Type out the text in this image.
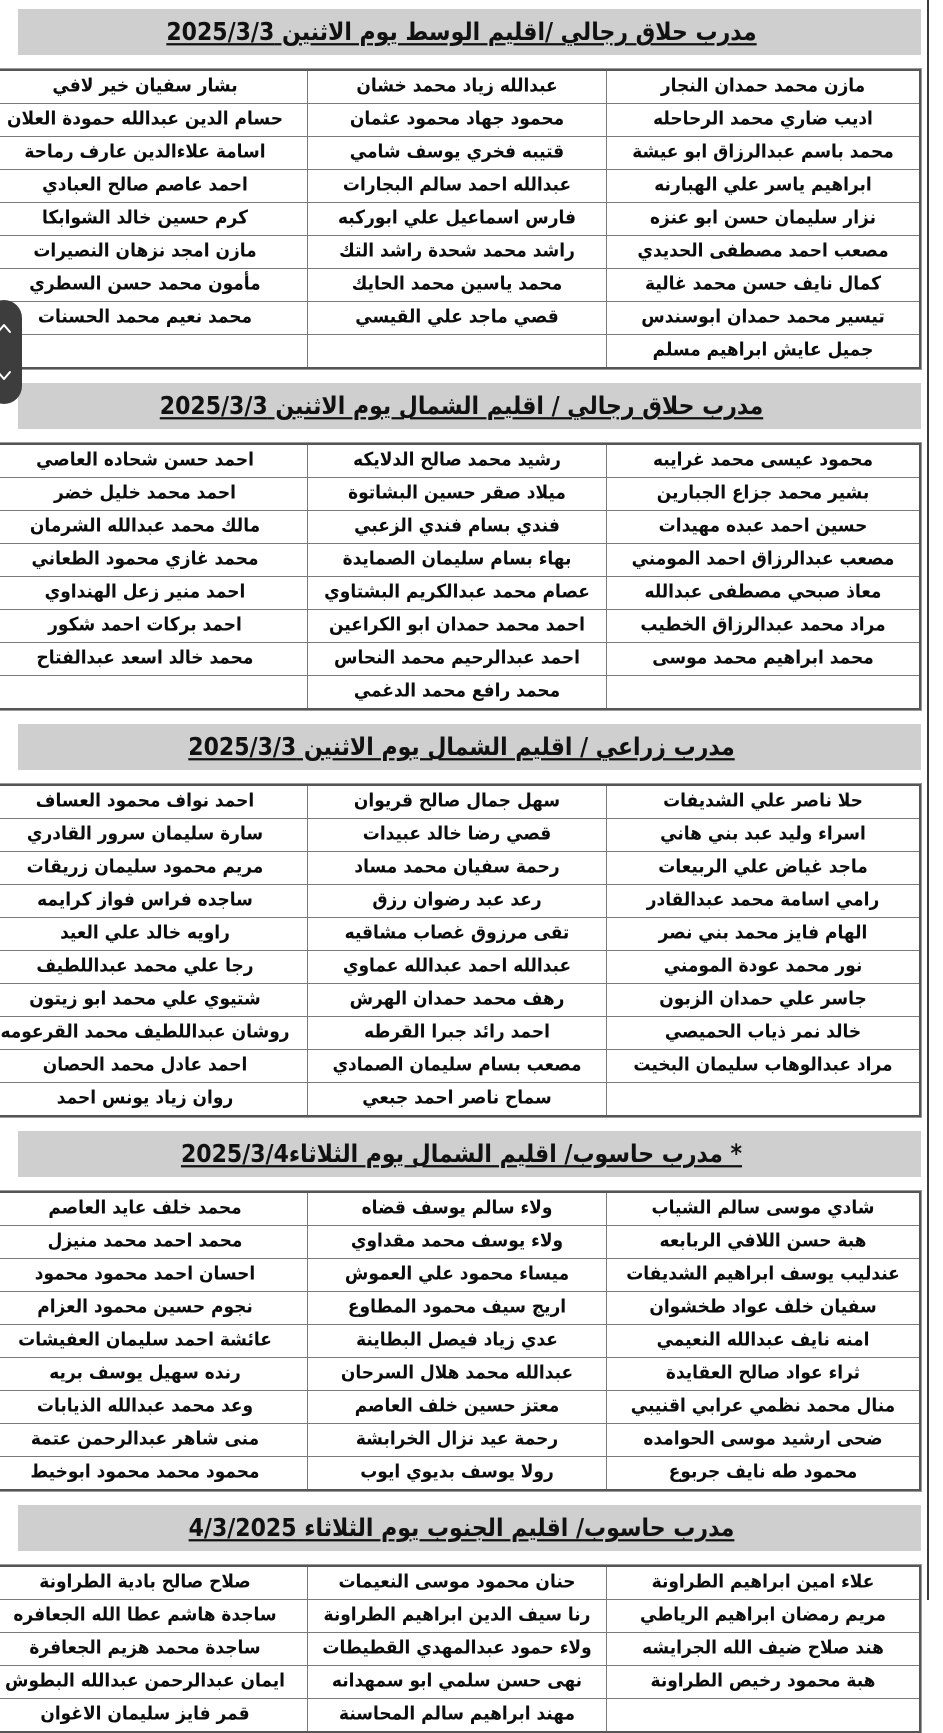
مدرب حلاق رجالي /اقليم الوسط يوم الاثنين 2025/3/3
مازن محمد حمدان النجار	عبدالله زياد محمد خشان	بشار سفيان خير لافي

اديب ضاري محمد الرحاحله	محمود جهاد محمود عثمان	حسام الدين عبدالله حمودة العلان

محمد باسم عبدالرزاق ابو عيشة	قتيبه فخري يوسف شامي	اسامة علاءالدين عارف رماحة

ابراهيم ياسر علي الهبارنه	عبدالله احمد سالم البجارات	احمد عاصم صالح العبادي

نزار سليمان حسن ابو عنزه	فارس اسماعيل علي ابوركبه	كرم حسين خالد الشوابكا

مصعب احمد مصطفى الحديدي	راشد محمد شحدة راشد التك	مازن امجد نزهان النصيرات

كمال نايف حسن محمد غالية	محمد ياسين محمد الحايك	مأمون محمد حسن السطري

تيسير محمد حمدان ابوسندس	قصي ماجد علي القيسي	محمد نعيم محمد الحسنات

جميل عايش ابراهيم مسلم		

مدرب حلاق رجالي / اقليم الشمال يوم الاثنين 2025/3/3
محمود عيسى محمد غرايبه	رشيد محمد صالح الدلايكه	احمد حسن شحاده العاصي

بشير محمد جزاع الجبارين	ميلاد صقر حسين البشاتوة	احمد محمد خليل خضر

حسين احمد عبده مهيدات	فندي بسام فندي الزعبي	مالك محمد عبدالله الشرمان

مصعب عبدالرزاق احمد المومني	بهاء بسام سليمان الصمايدة	محمد غازي محمود الطعاني

معاذ صبحي مصطفى عبدالله	عصام محمد عبدالكريم البشتاوي	احمد منير زعل الهنداوي

مراد محمد عبدالرزاق الخطيب	احمد محمد حمدان ابو الكراعين	احمد بركات احمد شكور

محمد ابراهيم محمد موسى	احمد عبدالرحيم محمد النحاس	محمد خالد اسعد عبدالفتاح

	محمد رافع محمد الدغمي	

مدرب زراعي / اقليم الشمال يوم الاثنين 2025/3/3
حلا ناصر علي الشديفات	سهل جمال صالح قريوان	احمد نواف محمود العساف

اسراء وليد عبد بني هاني	قصي رضا خالد عبيدات	سارة سليمان سرور القادري

ماجد غياض علي الربيعات	رحمة سفيان محمد مساد	مريم محمود سليمان زريقات

رامي اسامة محمد عبدالقادر	رعد عبد رضوان رزق	ساجده فراس فواز كرايمه

الهام فايز محمد بني نصر	تقى مرزوق غصاب مشاقيه	راويه خالد علي العيد

نور محمد عودة المومني	عبدالله احمد عبدالله عماوي	رجا علي محمد عبداللطيف

جاسر علي حمدان الزبون	رهف محمد حمدان الهرش	شتيوي علي محمد ابو زيتون

خالد نمر ذياب الحميصي	احمد رائد جبرا القرطه	روشان عبداللطيف محمد القرعومه

مراد عبدالوهاب سليمان البخيت	مصعب بسام سليمان الصمادي	احمد عادل محمد الحصان

	سماح ناصر احمد جبعي	روان زياد يونس احمد
* مدرب حاسوب/ اقليم الشمال يوم الثلاثاء2025/3/4
شادي موسى سالم الشياب	ولاء سالم يوسف قضاه	محمد خلف عايد العاصم

هبة حسن اللافي الربابعه	ولاء يوسف محمد مقداوي	محمد احمد محمد منيزل

عندليب يوسف ابراهيم الشديفات	ميساء محمود علي العموش	احسان احمد محمود محمود

سفيان خلف عواد طخشوان	اريج سيف محمود المطاوع	نجوم حسين محمود العزام

امنه نايف عبدالله النعيمي	عدي زياد فيصل البطاينة	عائشة احمد سليمان العفيشات

ثراء عواد صالح العقايدة	عبدالله محمد هلال السرحان	رنده سهيل يوسف بريه

منال محمد نظمي عرابي اقنيبي	معتز حسين خلف العاصم	وعد محمد عبدالله الذيابات

ضحى ارشيد موسى الحوامده	رحمة عيد نزال الخرابشة	منى شاهر عبدالرحمن عتمة

محمود طه نايف جربوع	رولا يوسف بديوي ايوب	محمود محمد محمود ابوخيط
مدرب حاسوب/ اقليم الجنوب يوم الثلاثاء 4/3/2025
علاء امين ابراهيم الطراونة	حنان محمود موسى النعيمات	صلاح صالح بادية الطراونة

مريم رمضان ابراهيم الرياطي	رنا سيف الدين ابراهيم الطراونة	ساجدة هاشم عطا الله الجعافره

هند صلاح ضيف الله الجرايشه	ولاء حمود عبدالمهدي القطيطات	ساجدة محمد هزيم الجعافرة

هبة محمود رخيص الطراونة	نهى حسن سلمي ابو سمهدانه	ايمان عبدالرحمن عبدالله البطوش

	مهند ابراهيم سالم المحاسنة	قمر فايز سليمان الاغوان
